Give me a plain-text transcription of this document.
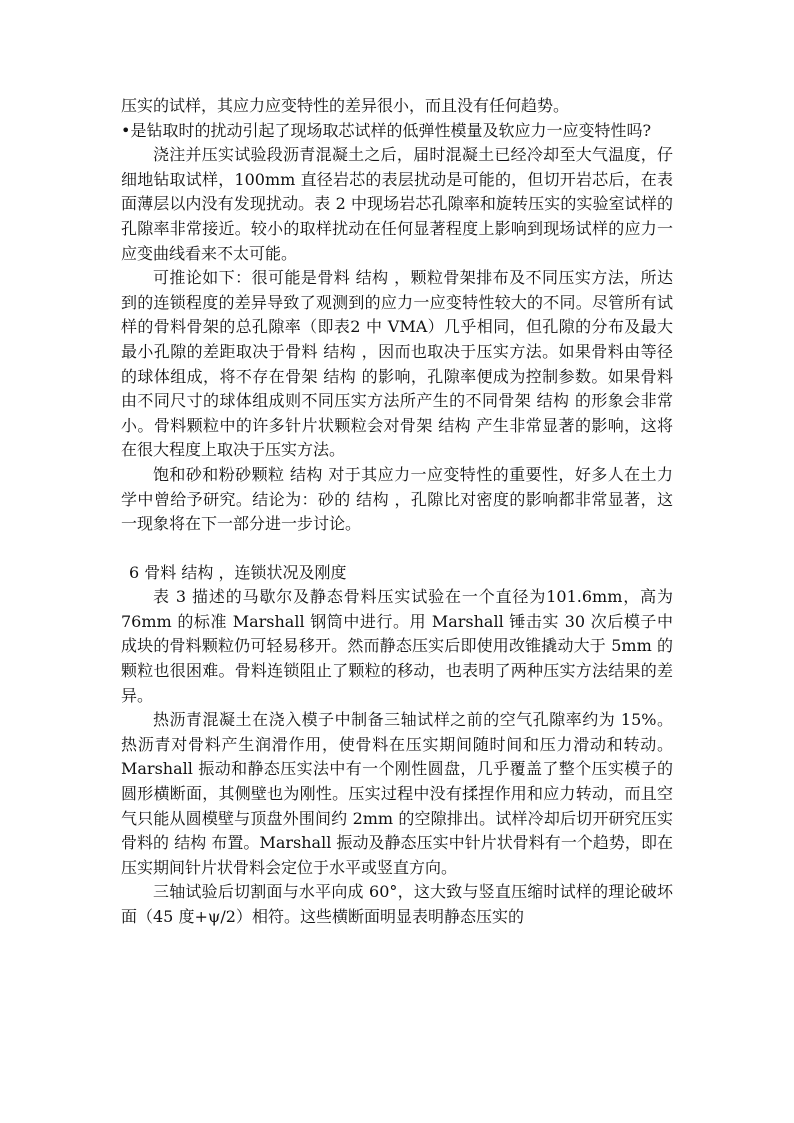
压实的试样，其应力应变特性的差异很小，而且没有任何趋势。

•是钻取时的扰动引起了现场取芯试样的低弹性模量及软应力一应变特性吗?

浇注并压实试验段沥青混凝土之后，届时混凝土已经冷却至大气温度，仔细地钻取试样，100mm 直径岩芯的表层扰动是可能的，但切开岩芯后，在表面薄层以内没有发现扰动。表 2 中现场岩芯孔隙率和旋转压实的实验室试样的孔隙率非常接近。较小的取样扰动在任何显著程度上影响到现场试样的应力一应变曲线看来不太可能。

可推论如下：很可能是骨料 结构 ，颗粒骨架排布及不同压实方法，所达到的连锁程度的差异导致了观测到的应力一应变特性较大的不同。尽管所有试样的骨料骨架的总孔隙率（即表2 中 VMA）几乎相同，但孔隙的分布及最大最小孔隙的差距取决于骨料 结构 ，因而也取决于压实方法。如果骨料由等径的球体组成，将不存在骨架 结构 的影响，孔隙率便成为控制参数。如果骨料由不同尺寸的球体组成则不同压实方法所产生的不同骨架 结构 的形象会非常小。骨料颗粒中的许多针片状颗粒会对骨架 结构 产生非常显著的影响，这将在很大程度上取决于压实方法。

饱和砂和粉砂颗粒 结构 对于其应力一应变特性的重要性，好多人在土力学中曾给予研究。结论为：砂的 结构 ，孔隙比对密度的影响都非常显著，这一现象将在下一部分进一步讨论。

6 骨料 结构 ，连锁状况及刚度

表 3 描述的马歇尔及静态骨料压实试验在一个直径为101.6mm，高为 76mm 的标准 Marshall 钢筒中进行。用 Marshall 锤击实 30 次后模子中成块的骨料颗粒仍可轻易移开。然而静态压实后即使用改锥撬动大于 5mm 的颗粒也很困难。骨料连锁阻止了颗粒的移动，也表明了两种压实方法结果的差异。

热沥青混凝土在浇入模子中制备三轴试样之前的空气孔隙率约为 15%。热沥青对骨料产生润滑作用，使骨料在压实期间随时间和压力滑动和转动。Marshall 振动和静态压实法中有一个刚性圆盘，几乎覆盖了整个压实模子的圆形横断面，其侧壁也为刚性。压实过程中没有揉捏作用和应力转动，而且空气只能从圆模壁与顶盘外围间约 2mm 的空隙排出。试样冷却后切开研究压实骨料的 结构 布置。Marshall 振动及静态压实中针片状骨料有一个趋势，即在压实期间针片状骨料会定位于水平或竖直方向。

三轴试验后切割面与水平向成 60°，这大致与竖直压缩时试样的理论破坏面（45 度+ψ/2）相符。这些横断面明显表明静态压实的
